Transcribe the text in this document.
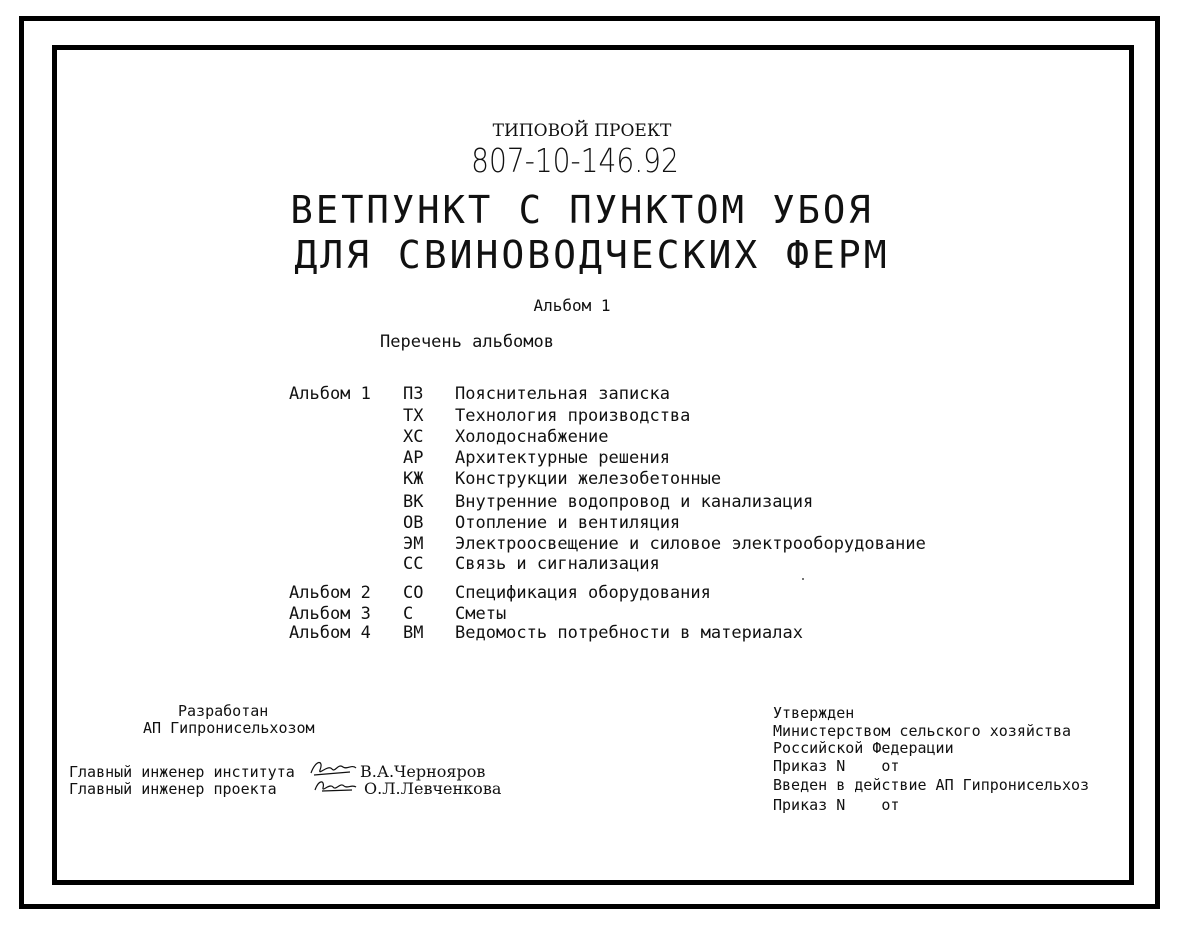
ТИПОВОЙ ПРОЕКТ
807-10-146.92
ВЕТПУНКТ С ПУНКТОМ УБОЯ
ДЛЯ СВИНОВОДЧЕСКИХ ФЕРМ
Альбом 1
Перечень альбомов
Альбом 1 ПЗ Пояснительная записка
ТХ Технология производства
ХС Холодоснабжение
АР Архитектурные решения
КЖ Конструкции железобетонные
ВК Внутренние водопровод и канализация
ОВ Отопление и вентиляция
ЭМ Электроосвещение и силовое электрооборудование
СС Связь и сигнализация
Альбом 2 СО Спецификация оборудования
Альбом 3 С Сметы
Альбом 4 ВМ Ведомость потребности в материалах
Разработан
АП Гипронисельхозом
Главный инженер института	В.А.Чернояров
Главный инженер проекта	О.Л.Левченкова
Утвержден
Министерством сельского хозяйства
Российской Федерации
Приказ N    от
Введен в действие АП Гипронисельхоз
Приказ N    от
